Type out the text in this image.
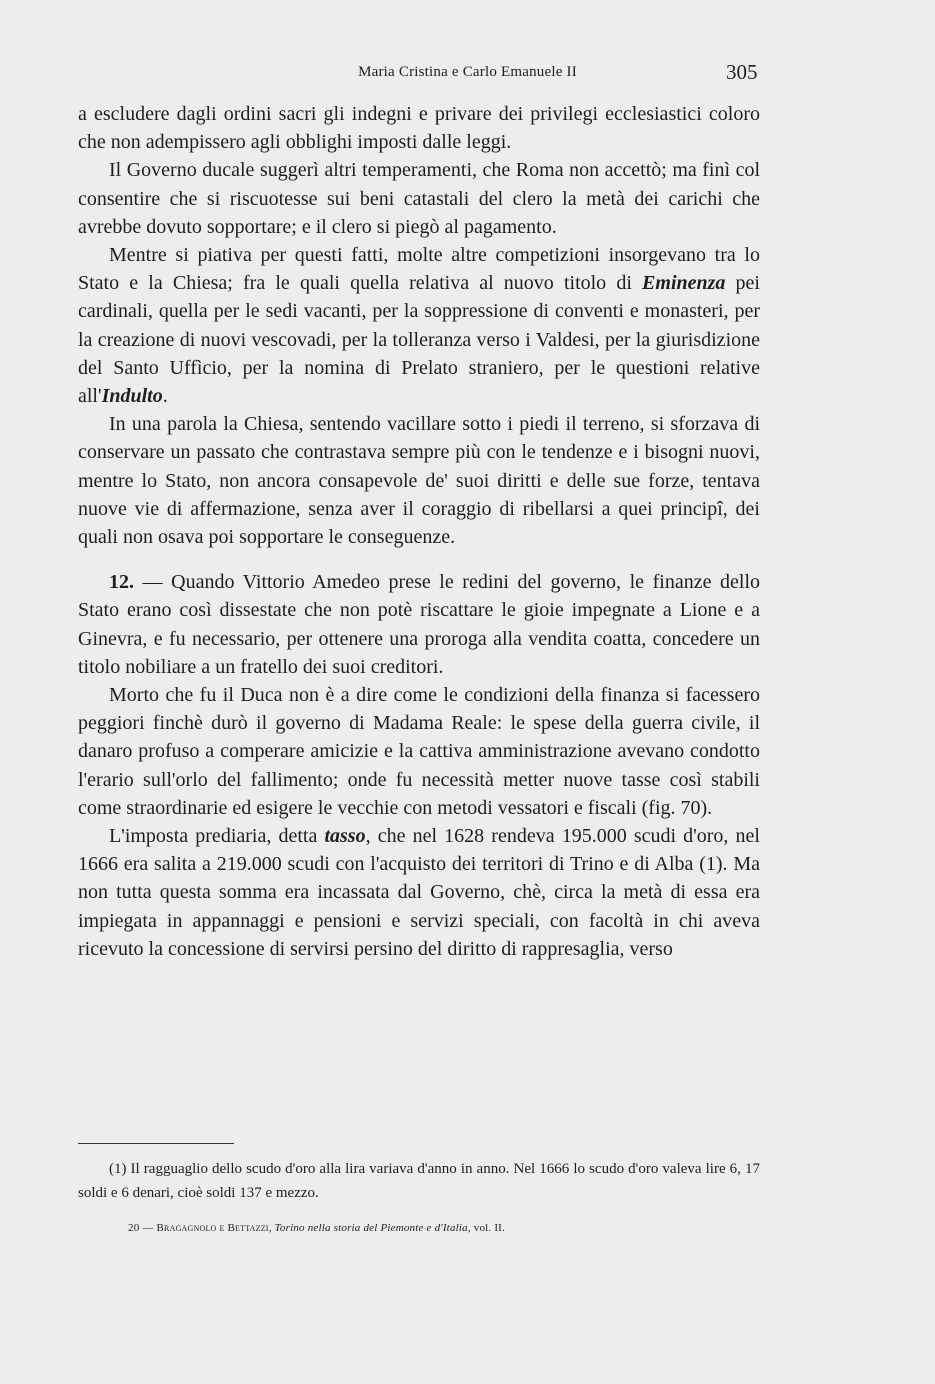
Maria Cristina e Carlo Emanuele II	305

a escludere dagli ordini sacri gli indegni e privare dei privilegi ecclesiastici coloro che non adempissero agli obblighi imposti dalle leggi.

Il Governo ducale suggerì altri temperamenti, che Roma non accettò; ma finì col consentire che si riscuotesse sui beni catastali del clero la metà dei carichi che avrebbe dovuto sopportare; e il clero si piegò al pagamento.

Mentre si piativa per questi fatti, molte altre competizioni insorgevano tra lo Stato e la Chiesa; fra le quali quella relativa al nuovo titolo di Eminenza pei cardinali, quella per le sedi vacanti, per la soppressione di conventi e monasteri, per la creazione di nuovi vescovadi, per la tolleranza verso i Valdesi, per la giurisdizione del Santo Uffìcio, per la nomina di Prelato straniero, per le questioni relative all'Indulto.

In una parola la Chiesa, sentendo vacillare sotto i piedi il terreno, si sforzava di conservare un passato che contrastava sempre più con le tendenze e i bisogni nuovi, mentre lo Stato, non ancora consapevole de' suoi diritti e delle sue forze, tentava nuove vie di affermazione, senza aver il coraggio di ribellarsi a quei principî, dei quali non osava poi sopportare le conseguenze.

12. — Quando Vittorio Amedeo prese le redini del governo, le finanze dello Stato erano così dissestate che non potè riscattare le gioie impegnate a Lione e a Ginevra, e fu necessario, per ottenere una proroga alla vendita coatta, concedere un titolo nobiliare a un fratello dei suoi creditori.

Morto che fu il Duca non è a dire come le condizioni della finanza si facessero peggiori finchè durò il governo di Madama Reale: le spese della guerra civile, il danaro profuso a comperare amicizie e la cattiva amministrazione avevano condotto l'erario sull'orlo del fallimento; onde fu necessità metter nuove tasse così stabili come straordinarie ed esigere le vecchie con metodi vessatori e fiscali (fig. 70).

L'imposta prediaria, detta tasso, che nel 1628 rendeva 195.000 scudi d'oro, nel 1666 era salita a 219.000 scudi con l'acquisto dei territori di Trino e di Alba (1). Ma non tutta questa somma era incassata dal Governo, chè, circa la metà di essa era impiegata in appannaggi e pensioni e servizi speciali, con facoltà in chi aveva ricevuto la concessione di servirsi persino del diritto di rappresaglia, verso

(1) Il ragguaglio dello scudo d'oro alla lira variava d'anno in anno. Nel 1666 lo scudo d'oro valeva lire 6, 17 soldi e 6 denari, cioè soldi 137 e mezzo.

20 — Bragagnolo e Bettazzi, Torino nella storia del Piemonte e d'Italia, vol. II.
